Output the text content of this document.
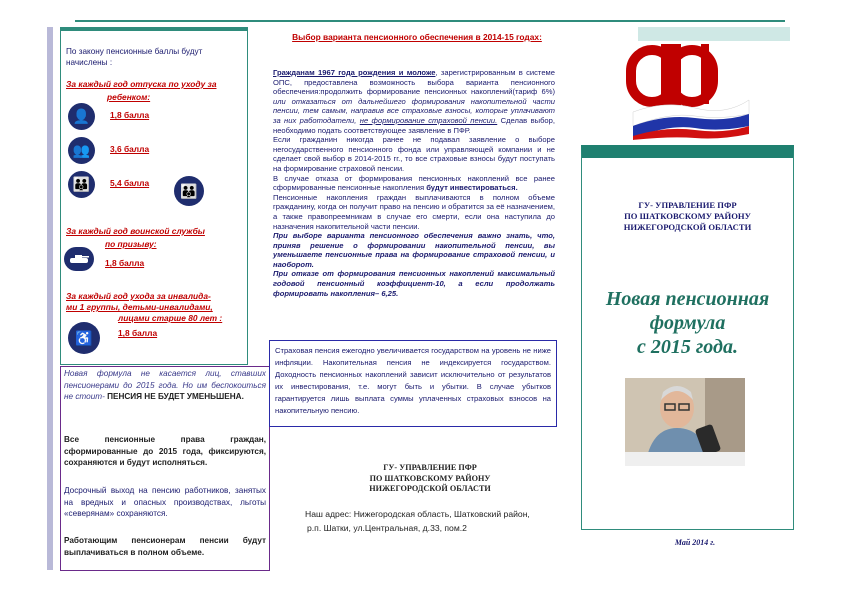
По закону пенсионные баллы будут начислены :
За каждый год отпуска по уходу за
ребенком:
👤	1,8 балла
👥	3,6 балла
👪	5,4 балла	👪
За каждый год воинской службы
по призыву:
1,8 балла
За каждый год ухода за инвалида-
ми 1 группы, детьми-инвалидами,
лицами старше 80 лет :
♿	1,8 балла
Новая формула не касается лиц, ставших пенсионерами до 2015 года. Но им беспокоиться не стоит- ПЕНСИЯ НЕ БУДЕТ УМЕНЬШЕНА.
Все пенсионные права граждан, сформированные до 2015 года, фиксируются, сохраняются и будут исполняться.
Досрочный выход на пенсию работников, занятых на вредных и опасных производствах, льготы «северянам» сохраняются.
Работающим пенсионерам пенсии будут выплачиваться в полном объеме.
Выбор варианта пенсионного обеспечения в 2014-15 годах:

Гражданам 1967 года рождения и моложе, зарегистрированным в системе ОПС, предоставлена возможность выбора варианта пенсионного обеспечения:продолжить формирование пенсионных накоплений(тариф 6%) или отказаться от дальнейшего формирования накопительной части пенсии, тем самым, направив все страховые взносы, которые уплачивают за них работодатели, не формирование страховой пенсии. Сделав выбор, необходимо подать соответствующее заявление в ПФР.

Если гражданин никогда ранее не подавал заявление о выборе негосударственного пенсионного фонда или управляющей компании и не сделает свой выбор в 2014-2015 гг., то все страховые взносы будут поступать на формирование страховой пенсии.

В случае отказа от формирования пенсионных накоплений все ранее сформированные пенсионные накопления будут инвестироваться.

Пенсионные накопления граждан выплачиваются в полном объеме гражданину, когда он получит право на пенсию и обратится за её назначением, а также правопреемникам в случае его смерти, если она наступила до назначения накопительной части пенсии.

При выборе варианта пенсионного обеспечения важно знать, что, приняв решение о формировании накопительной пенсии, вы уменьшаете пенсионные права на формирование страховой пенсии, и наоборот.

При отказе от формирования пенсионных накоплений максимальный годовой пенсионный коэффициент-10, а если продолжать формировать накопления– 6,25.

Страховая пенсия ежегодно увеличивается государством на уровень не ниже инфляции. Накопительная пенсия не индексируется государством. Доходность пенсионных накоплений зависит исключительно от результатов их инвестирования, т.е. могут быть и убытки. В случае убытков гарантируется лишь выплата суммы уплаченных страховых взносов на накопительную пенсию.
ГУ- УПРАВЛЕНИЕ ПФР
ПО ШАТКОВСКОМУ РАЙОНУ
НИЖЕГОРОДСКОЙ ОБЛАСТИ
Наш адрес: Нижегородская область, Шатковский район,
р.п. Шатки, ул.Центральная, д.33, пом.2
ГУ- УПРАВЛЕНИЕ ПФР
ПО ШАТКОВСКОМУ РАЙОНУ
НИЖЕГОРОДСКОЙ ОБЛАСТИ
Новая пенсионная
формула
с 2015 года.
Май 2014 г.
